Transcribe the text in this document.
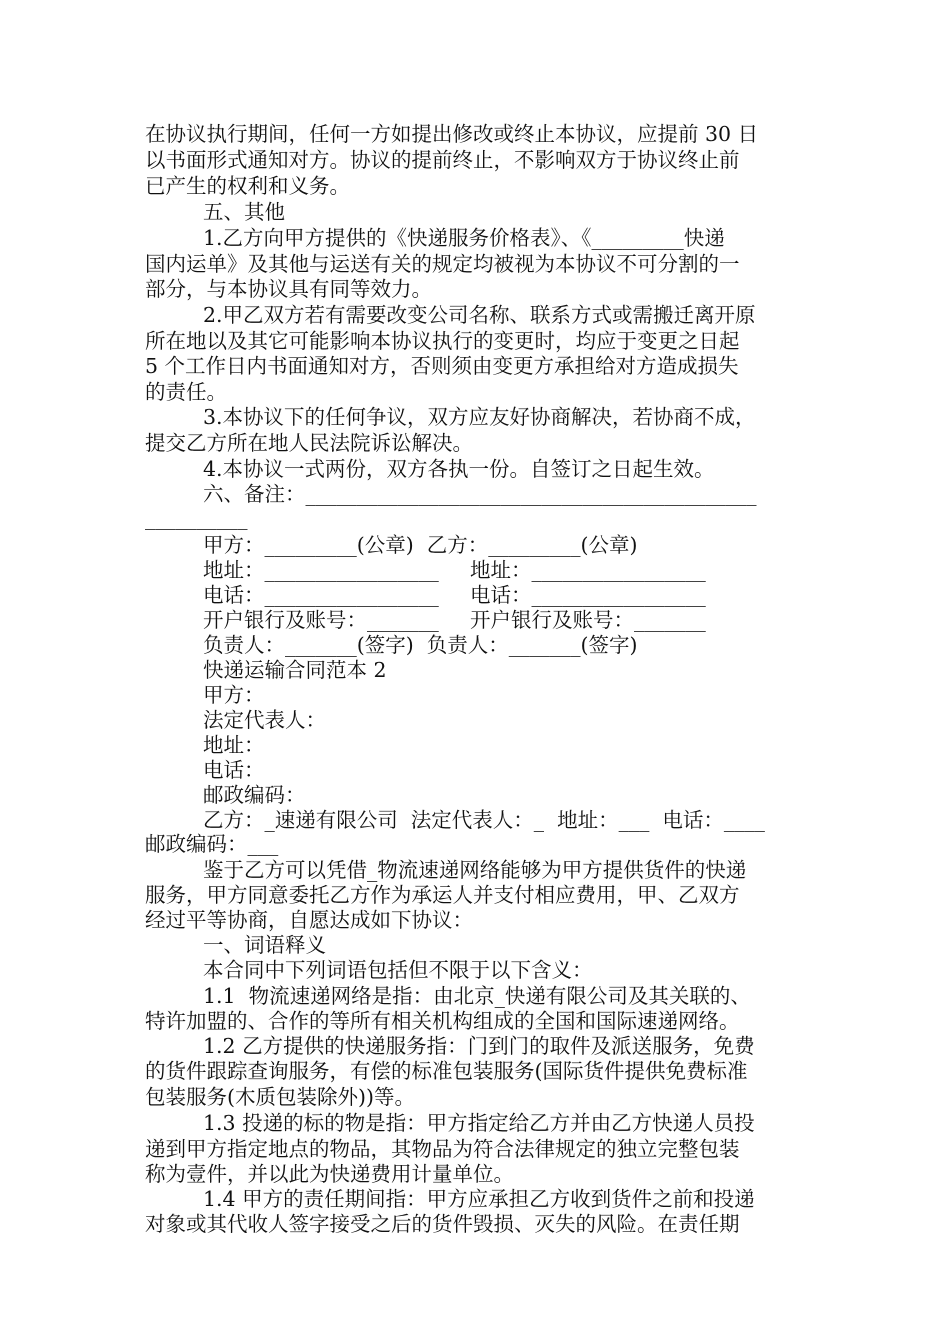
在协议执行期间，任何一方如提出修改或终止本协议，应提前 30 日
以书面形式通知对方。协议的提前终止，不影响双方于协议终止前
已产生的权利和义务。
五、其他
1.乙方向甲方提供的《快递服务价格表》、《_________快递
国内运单》及其他与运送有关的规定均被视为本协议不可分割的一
部分，与本协议具有同等效力。
2.甲乙双方若有需要改变公司名称、联系方式或需搬迁离开原
所在地以及其它可能影响本协议执行的变更时，均应于变更之日起
5 个工作日内书面通知对方，否则须由变更方承担给对方造成损失
的责任。
3.本协议下的任何争议，双方应友好协商解决，若协商不成，
提交乙方所在地人民法院诉讼解决。
4.本协议一式两份，双方各执一份。自签订之日起生效。
六、备注：____________________________________________
__________
甲方：_________(公章)  乙方：_________(公章)
地址：_________________ 地址：_________________
电话：_________________ 电话：_________________
开户银行及账号：_______ 开户银行及账号：_______
负责人：_______(签字)  负责人：_______(签字)
快递运输合同范本 2
甲方：
法定代表人：
地址：
电话：
邮政编码：
乙方：_速递有限公司  法定代表人：_  地址：___  电话：____
邮政编码：___
鉴于乙方可以凭借_物流速递网络能够为甲方提供货件的快递
服务，甲方同意委托乙方作为承运人并支付相应费用，甲、乙双方
经过平等协商，自愿达成如下协议：
一、词语释义
本合同中下列词语包括但不限于以下含义：
1.1  物流速递网络是指：由北京_快递有限公司及其关联的、
特许加盟的、合作的等所有相关机构组成的全国和国际速递网络。
1.2 乙方提供的快递服务指：门到门的取件及派送服务，免费
的货件跟踪查询服务，有偿的标准包装服务(国际货件提供免费标准
包装服务(木质包装除外))等。
1.3 投递的标的物是指：甲方指定给乙方并由乙方快递人员投
递到甲方指定地点的物品，其物品为符合法律规定的独立完整包装
称为壹件，并以此为快递费用计量单位。
1.4 甲方的责任期间指：甲方应承担乙方收到货件之前和投递
对象或其代收人签字接受之后的货件毁损、灭失的风险。在责任期
